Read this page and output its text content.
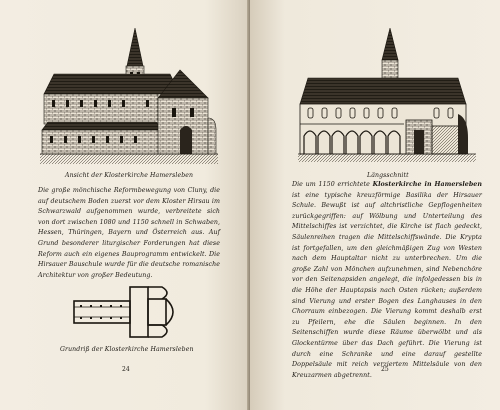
Ansicht der Klosterkirche Hamersleben

Die große mönchische Reformbewegung von Cluny, die auf deutschem Boden zuerst vor dem Kloster Hirsau im Schwarzwald aufgenommen wurde, verbreitete sich von dort zwischen 1080 und 1150 schnell in Schwaben, Hessen, Thüringen, Bayern und Österreich aus. Auf Grund besonderer liturgischer Forderungen hat diese Reform auch ein eigenes Bauprogramm entwickelt. Die Hirsauer Bauschule wurde für die deutsche romanische Architektur von großer Bedeutung.

Grundriß der Klosterkirche Hamersleben
24
Längsschnitt

Die um 1150 errichtete Klosterkirche in Hamersleben ist eine typische kreuzförmige Basilika der Hirsauer Schule. Bewußt ist auf altchristliche Gepflogenheiten zurückgegriffen: auf Wölbung und Unterteilung des Mittelschiffes ist verzichtet, die Kirche ist flach gedeckt, Säulenreihen tragen die Mittelschiffswände. Die Krypta ist fortgefallen, um den gleichmäßigen Zug von Westen nach dem Hauptaltar nicht zu unterbrechen. Um die große Zahl von Mönchen aufzunehmen, sind Nebenchöre vor den Seitenapsiden angelegt, die infolgedessen bis in die Höhe der Hauptapsis nach Osten rücken; außerdem sind Vierung und erster Bogen des Langhauses in den Chorraum einbezogen. Die Vierung kommt deshalb erst zu Pfeilern, ehe die Säulen beginnen. In den Seitenschiffen wurde diese Räume überwölbt und als Glockentürme über das Dach geführt. Die Vierung ist durch eine Schranke und eine darauf gestellte Doppelsäule mit reich verziertem Mittelsäule von den Kreuzarmen abgetrennt.

25
